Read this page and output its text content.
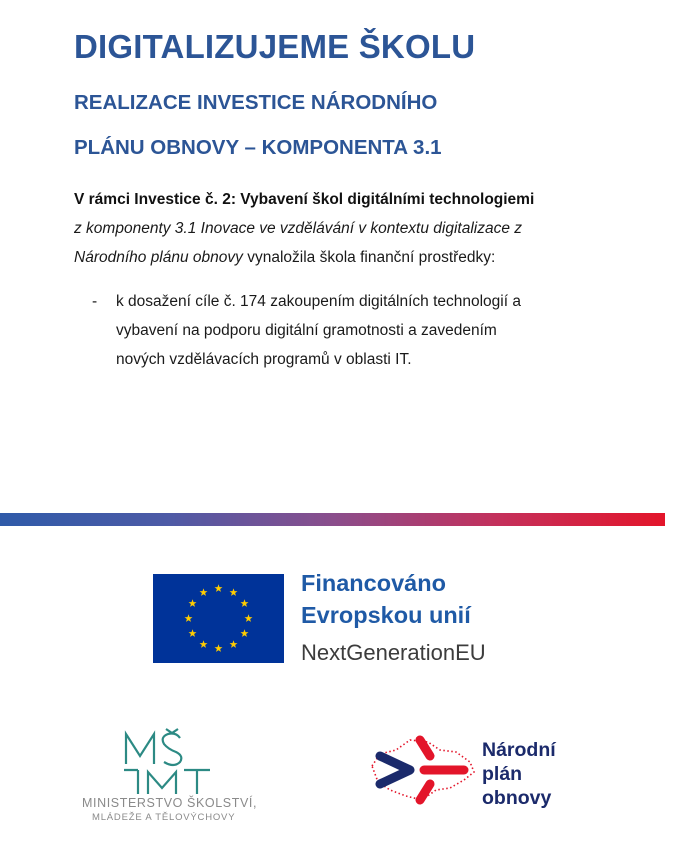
DIGITALIZUJEME ŠKOLU
REALIZACE INVESTICE NÁRODNÍHO
PLÁNU OBNOVY – KOMPONENTA 3.1
V rámci Investice č. 2: Vybavení škol digitálními technologiemi
z komponenty 3.1 Inovace ve vzdělávání v kontextu digitalizace z
Národního plánu obnovy vynaložila škola finanční prostředky:
- k dosažení cíle č. 174 zakoupením digitálních technologií a
vybavení na podporu digitální gramotnosti a zavedením
nových vzdělávacích programů v oblasti IT.
Financováno
Evropskou unií
NextGenerationEU
MINISTERSTVO ŠKOLSTVÍ,
MLÁDEŽE A TĚLOVÝCHOVY
Národní
plán
obnovy
